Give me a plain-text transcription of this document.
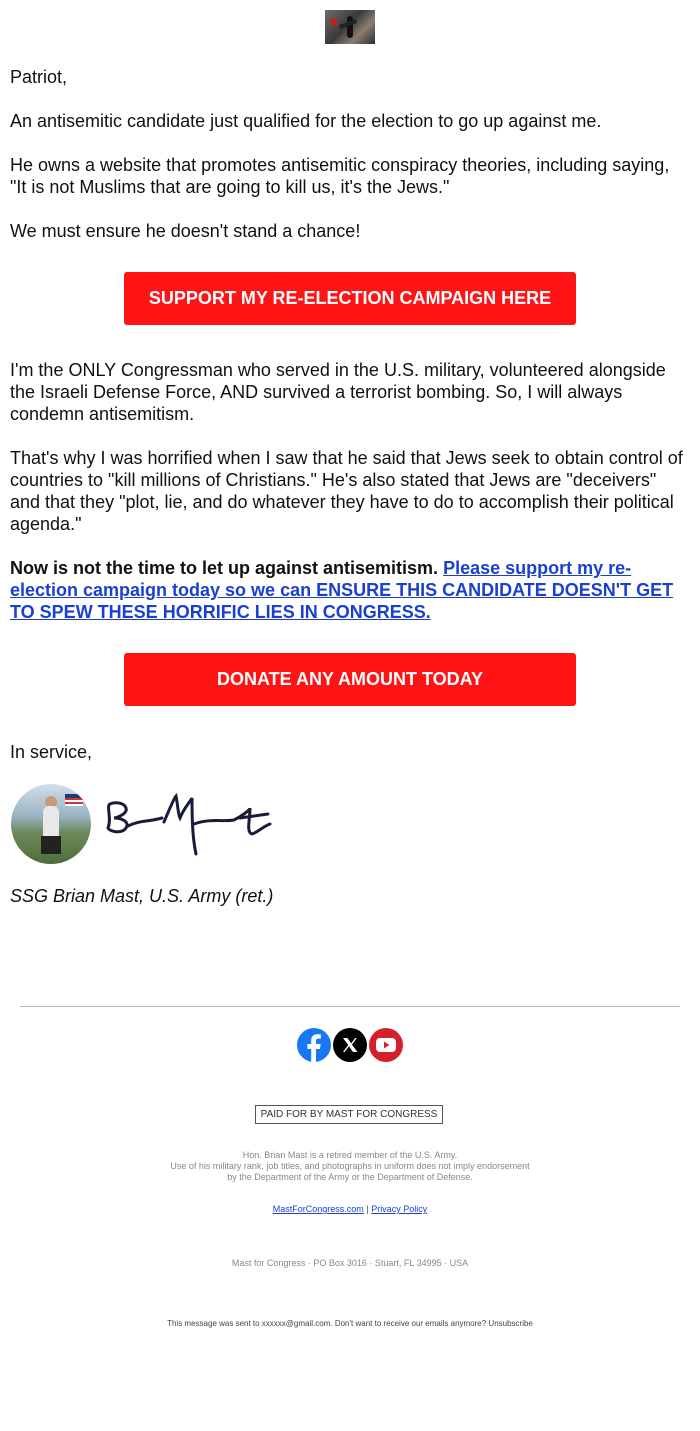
Patriot,

An antisemitic candidate just qualified for the election to go up against me.

He owns a website that promotes antisemitic conspiracy theories, including saying, "It is not Muslims that are going to kill us, it's the Jews."

We must ensure he doesn't stand a chance!

SUPPORT MY RE-ELECTION CAMPAIGN HERE

I'm the ONLY Congressman who served in the U.S. military, volunteered alongside the Israeli Defense Force, AND survived a terrorist bombing. So, I will always condemn antisemitism.

That's why I was horrified when I saw that he said that Jews seek to obtain control of countries to "kill millions of Christians." He's also stated that Jews are "deceivers" and that they "plot, lie, and do whatever they have to do to accomplish their political agenda."

Now is not the time to let up against antisemitism. Please support my re-election campaign today so we can ENSURE THIS CANDIDATE DOESN'T GET TO SPEW THESE HORRIFIC LIES IN CONGRESS.

DONATE ANY AMOUNT TODAY

In service,

SSG Brian Mast, U.S. Army (ret.)
PAID FOR BY MAST FOR CONGRESS
Hon. Brian Mast is a retired member of the U.S. Army.
Use of his military rank, job titles, and photographs in uniform does not imply endorsement
by the Department of the Army or the Department of Defense.
MastForCongress.com | Privacy Policy
Mast for Congress · PO Box 3016 · Stuart, FL 34995 · USA
This message was sent to xxxxxx@gmail.com. Don't want to receive our emails anymore? Unsubscribe
